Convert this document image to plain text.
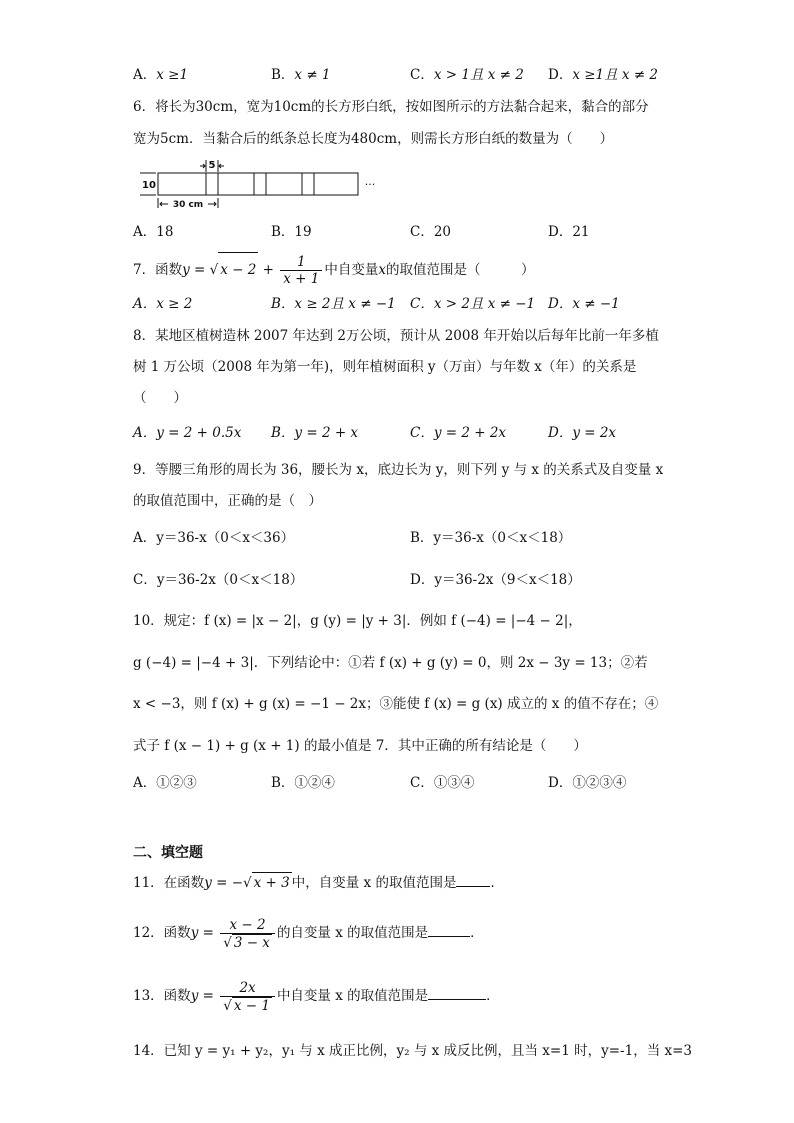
A．x ≥1	B．x ≠ 1	C．x > 1且 x ≠ 2 D．x ≥1且 x ≠ 2
6．将长为30cm，宽为10cm的长方形白纸，按如图所示的方法黏合起来，黏合的部分
宽为5cm．当黏合后的纸条总长度为480cm，则需长方形白纸的数量为（　　）
5
10
30 cm
···
A．18	B．19	C．20	D．21
7．函数y = √ $x - 2 + \frac{1}{x + 1}$ 中自变量x的取值范围是（　　　）
A．x ≥ 2	B．x ≥ 2且 x ≠ −1 C．x > 2且 x ≠ −1 D．x ≠ −1
8．某地区植树造林 2007 年达到 2万公顷，预计从 2008 年开始以后每年比前一年多植
树 1 万公顷（2008 年为第一年)，则年植树面积 y（万亩）与年数 x（年）的关系是
（　　）
A．y = 2 + 0.5x B．y = 2 + x	C．y = 2 + 2x	D．y = 2x
9．等腰三角形的周长为 36，腰长为 x，底边长为 y，则下列 y 与 x 的关系式及自变量 x
的取值范围中，正确的是（　）
A．y＝36-x（0＜x＜36）	B．y＝36-x（0＜x＜18）
C．y＝36-2x（0＜x＜18）	D．y＝36-2x（9＜x＜18）
10．规定：f (x) = |x − 2|，g (y) = |y + 3|．例如 f (−4) = |−4 − 2|，
g (−4) = |−4 + 3|．下列结论中：①若 f (x) + g (y) = 0，则 2x − 3y = 13；②若
x < −3，则 f (x) + g (x) = −1 − 2x；③能使 f (x) = g (x) 成立的 x 的值不存在；④
式子 f (x − 1) + g (x + 1) 的最小值是 7．其中正确的所有结论是（　　）
A．①②③	B．①②④	C．①③④	D．①②③④
二、填空题
11．在函数y = −√ x + 3 中，自变量 x 的取值范围是	．
12．函数$y = \frac{x - 2}{√ 3 - x}$ 的自变量 x 的取值范围是	．
13．函数$y = \frac{2x}{√ x - 1}$ 中自变量 x 的取值范围是	．
14．已知 y = y₁ + y₂，y₁ 与 x 成正比例，y₂ 与 x 成反比例，且当 x=1 时，y=-1，当 x=3
